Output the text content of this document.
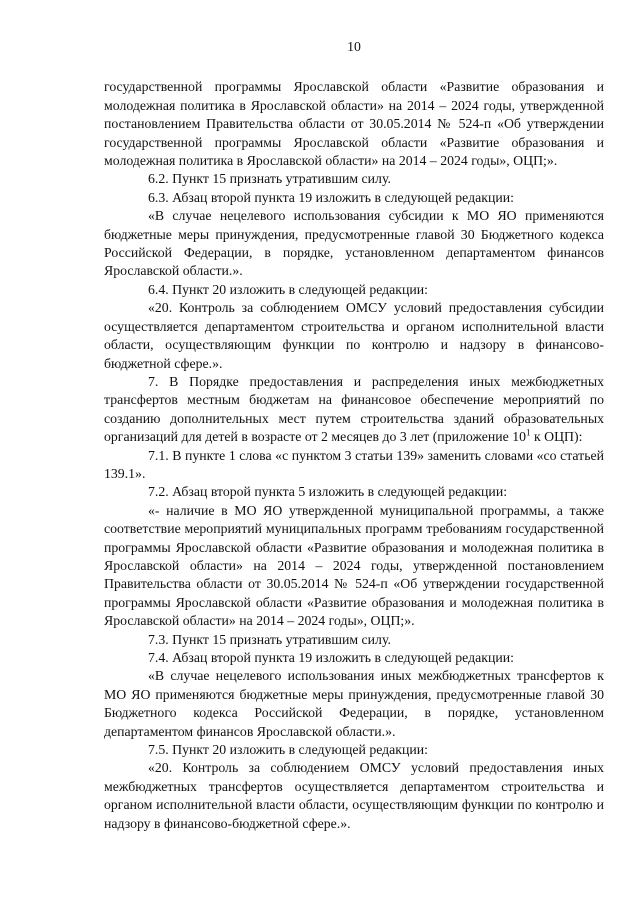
10

государственной программы Ярославской области «Развитие образования и молодежная политика в Ярославской области» на 2014 – 2024 годы, утвержденной постановлением Правительства области от 30.05.2014 № 524-п «Об утверждении государственной программы Ярославской области «Развитие образования и молодежная политика в Ярославской области» на 2014 – 2024 годы», ОЦП;».

6.2. Пункт 15 признать утратившим силу.

6.3. Абзац второй пункта 19 изложить в следующей редакции:

«В случае нецелевого использования субсидии к МО ЯО применяются бюджетные меры принуждения, предусмотренные главой 30 Бюджетного кодекса Российской Федерации, в порядке, установленном департаментом финансов Ярославской области.».

6.4. Пункт 20 изложить в следующей редакции:

«20. Контроль за соблюдением ОМСУ условий предоставления субсидии осуществляется департаментом строительства и органом исполнительной власти области, осуществляющим функции по контролю и надзору в финансово-бюджетной сфере.».

7. В Порядке предоставления и распределения иных межбюджетных трансфертов местным бюджетам на финансовое обеспечение мероприятий по созданию дополнительных мест путем строительства зданий образовательных организаций для детей в возрасте от 2 месяцев до 3 лет (приложение $10^1$ к ОЦП):

7.1. В пункте 1 слова «с пунктом 3 статьи 139» заменить словами «со статьей 139.1».

7.2. Абзац второй пункта 5 изложить в следующей редакции:

«- наличие в МО ЯО утвержденной муниципальной программы, а также соответствие мероприятий муниципальных программ требованиям государственной программы Ярославской области «Развитие образования и молодежная политика в Ярославской области» на 2014 – 2024 годы, утвержденной постановлением Правительства области от 30.05.2014 № 524-п «Об утверждении государственной программы Ярославской области «Развитие образования и молодежная политика в Ярославской области» на 2014 – 2024 годы», ОЦП;».

7.3. Пункт 15 признать утратившим силу.

7.4. Абзац второй пункта 19 изложить в следующей редакции:

«В случае нецелевого использования иных межбюджетных трансфертов к МО ЯО применяются бюджетные меры принуждения, предусмотренные главой 30 Бюджетного кодекса Российской Федерации, в порядке, установленном департаментом финансов Ярославской области.».

7.5. Пункт 20 изложить в следующей редакции:

«20. Контроль за соблюдением ОМСУ условий предоставления иных межбюджетных трансфертов осуществляется департаментом строительства и органом исполнительной власти области, осуществляющим функции по контролю и надзору в финансово-бюджетной сфере.».
